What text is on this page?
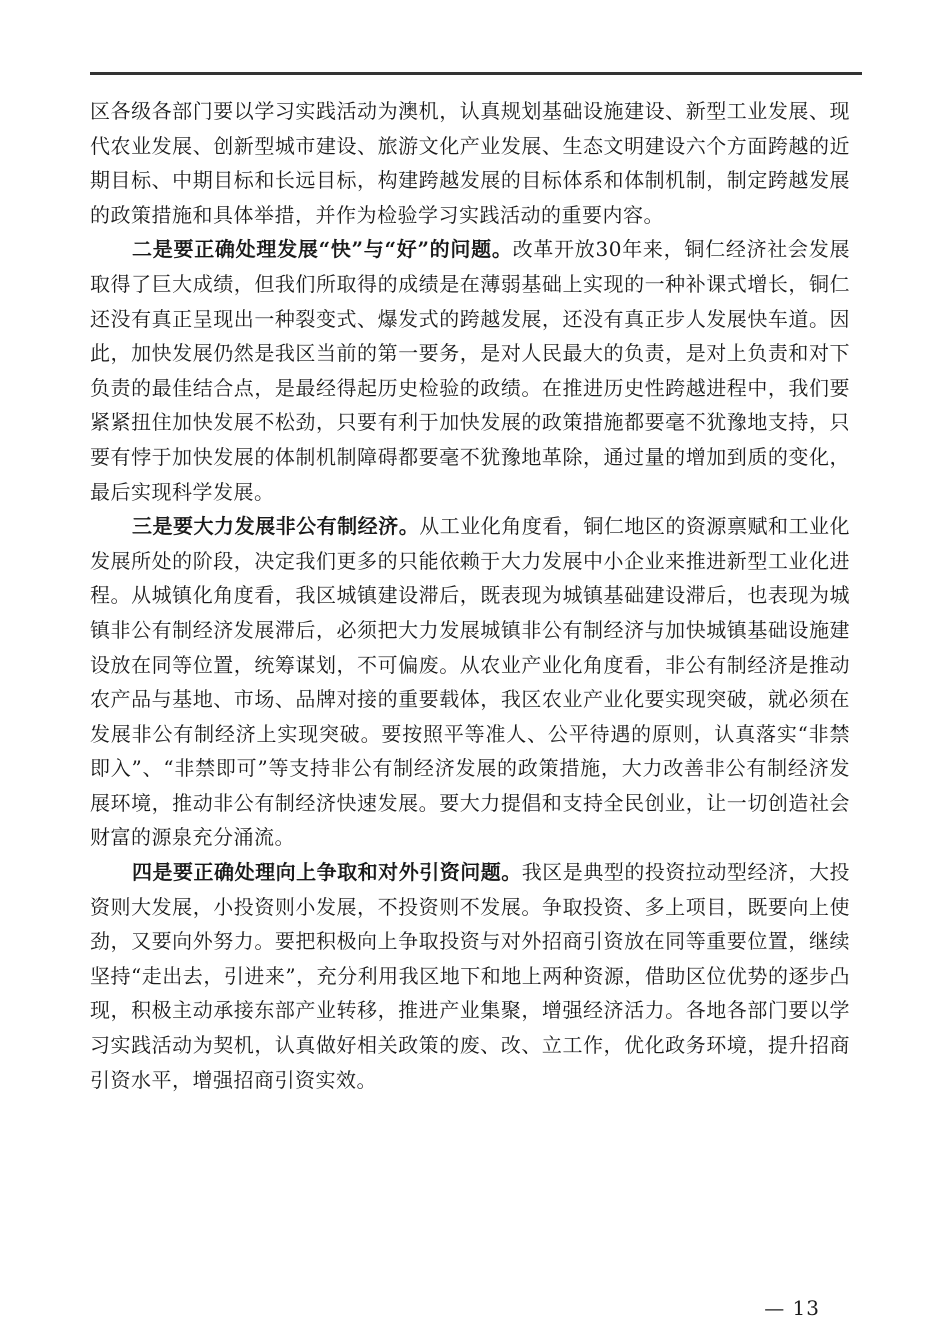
区各级各部门要以学习实践活动为澳机，认真规划基础设施建设、新型工业发展、现代农业发展、创新型城市建设、旅游文化产业发展、生态文明建设六个方面跨越的近期目标、中期目标和长远目标，构建跨越发展的目标体系和体制机制，制定跨越发展的政策措施和具体举措，并作为检验学习实践活动的重要内容。

二是要正确处理发展“快”与“好”的问题。改革开放30年来，铜仁经济社会发展取得了巨大成绩，但我们所取得的成绩是在薄弱基础上实现的一种补课式增长，铜仁还没有真正呈现出一种裂变式、爆发式的跨越发展，还没有真正步人发展快车道。因此，加快发展仍然是我区当前的第一要务，是对人民最大的负责，是对上负责和对下负责的最佳结合点，是最经得起历史检验的政绩。在推进历史性跨越进程中，我们要紧紧扭住加快发展不松劲，只要有利于加快发展的政策措施都要毫不犹豫地支持，只要有悖于加快发展的体制机制障碍都要毫不犹豫地革除，通过量的增加到质的变化，最后实现科学发展。

三是要大力发展非公有制经济。从工业化角度看，铜仁地区的资源禀赋和工业化发展所处的阶段，决定我们更多的只能依赖于大力发展中小企业来推进新型工业化进程。从城镇化角度看，我区城镇建设滞后，既表现为城镇基础建设滞后，也表现为城镇非公有制经济发展滞后，必须把大力发展城镇非公有制经济与加快城镇基础设施建设放在同等位置，统筹谋划，不可偏废。从农业产业化角度看，非公有制经济是推动农产品与基地、市场、品牌对接的重要载体，我区农业产业化要实现突破，就必须在发展非公有制经济上实现突破。要按照平等准人、公平待遇的原则，认真落实“非禁即入”、“非禁即可”等支持非公有制经济发展的政策措施，大力改善非公有制经济发展环境，推动非公有制经济快速发展。要大力提倡和支持全民创业，让一切创造社会财富的源泉充分涌流。

四是要正确处理向上争取和对外引资问题。我区是典型的投资拉动型经济，大投资则大发展，小投资则小发展，不投资则不发展。争取投资、多上项目，既要向上使劲，又要向外努力。要把积极向上争取投资与对外招商引资放在同等重要位置，继续坚持“走出去，引进来”，充分利用我区地下和地上两种资源，借助区位优势的逐步凸现，积极主动承接东部产业转移，推进产业集聚，增强经济活力。各地各部门要以学习实践活动为契机，认真做好相关政策的废、改、立工作，优化政务环境，提升招商引资水平，增强招商引资实效。

— 13
